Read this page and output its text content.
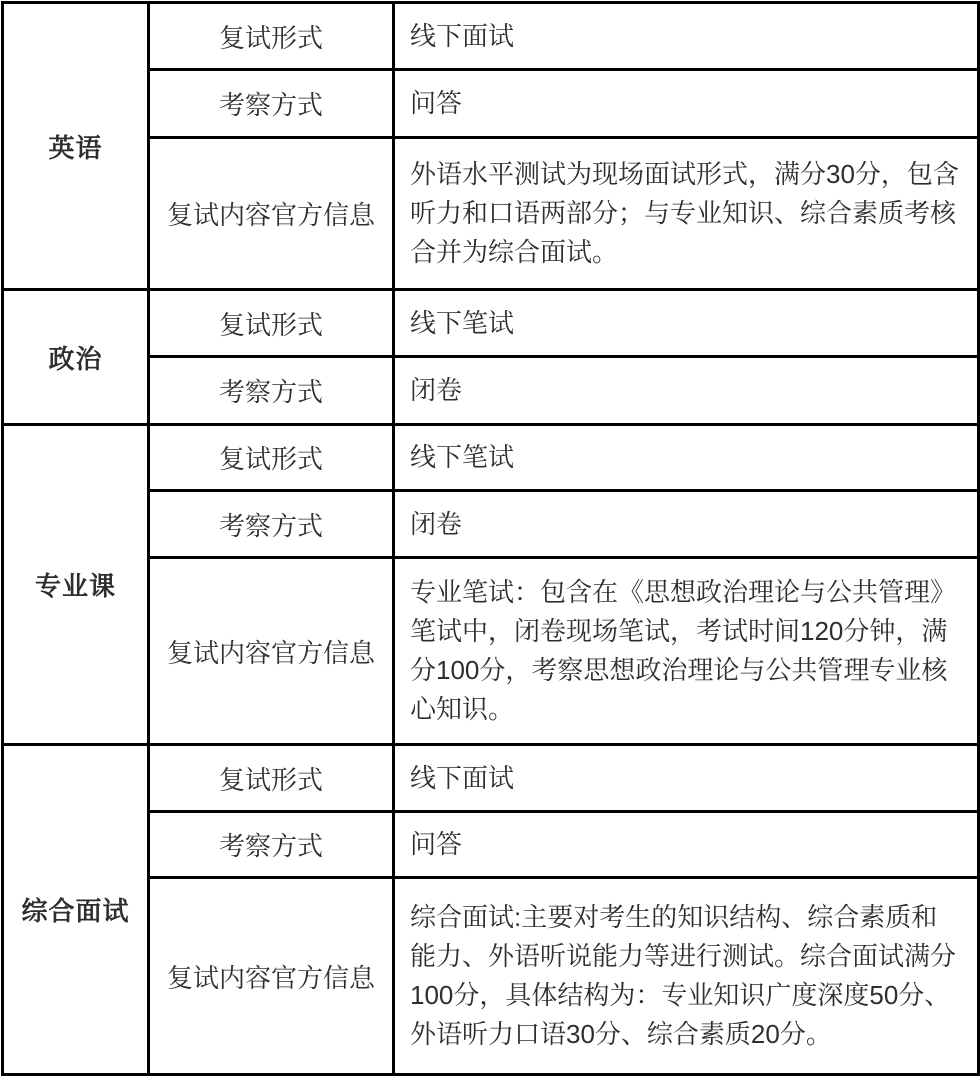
英语	复试形式	线下面试
	考察方式	问答
	复试内容官方信息	外语水平测试为现场面试形式，满分30分，包含听力和口语两部分；与专业知识、综合素质考核合并为综合面试。
政治	复试形式	线下笔试
	考察方式	闭卷
专业课	复试形式	线下笔试
	考察方式	闭卷
	复试内容官方信息	专业笔试：包含在《思想政治理论与公共管理》笔试中，闭卷现场笔试，考试时间120分钟，满分100分，考察思想政治理论与公共管理专业核心知识。
综合面试	复试形式	线下面试
	考察方式	问答
	复试内容官方信息	综合面试:主要对考生的知识结构、综合素质和能力、外语听说能力等进行测试。综合面试满分100分，具体结构为：专业知识广度深度50分、外语听力口语30分、综合素质20分。
